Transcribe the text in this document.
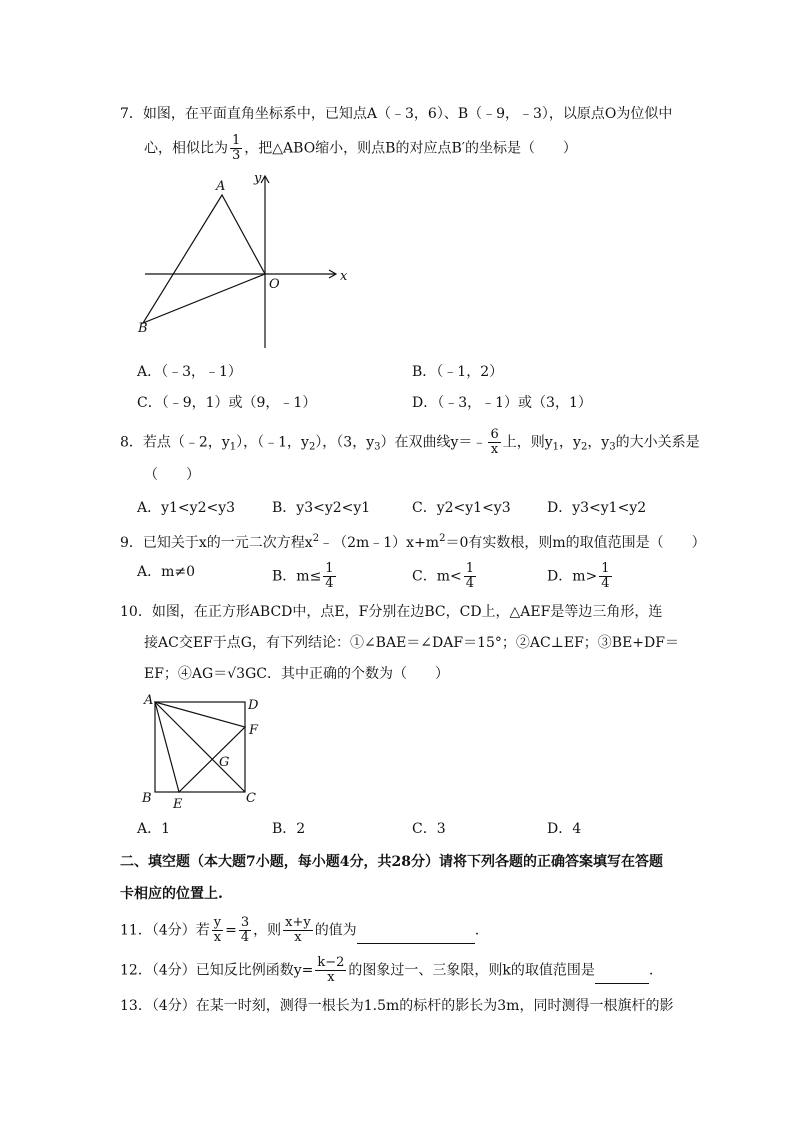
7．如图，在平面直角坐标系中，已知点A（﹣3，6）、B（﹣9，﹣3），以原点O为位似中
心，相似比为 $\frac{1}{3}$ ，把△ABO缩小，则点B的对应点B′的坐标是（　　）
A
B
O
x
y
A．（﹣3，﹣1）	B．（﹣1，2）
C．（﹣9，1）或（9，﹣1）	D．（﹣3，﹣1）或（3，1）
8．若点（﹣2，$y_1$），（﹣1，$y_2$），（3，$y_3$）在双曲线y＝﹣ $\frac{6}{x}$ 上，则$y_1$，$y_2$，$y_3$的大小关系是
（　　）
A．y1<y2<y3	B．y3<y2<y1	C．y2<y1<y3	D．y3<y1<y2
9．已知关于x的一元二次方程$x^2﹣(2m﹣1)x+m^2=0$有实数根，则m的取值范围是（　　）
A．m≠0	B．$m\le \frac{1}{4}$	C．$m< \frac{1}{4}$	D．$m> \frac{1}{4}$
10．如图，在正方形ABCD中，点E，F分别在边BC，CD上，△AEF是等边三角形，连
接AC交EF于点G，有下列结论：①∠BAE＝∠DAF＝15°；②AC⊥EF；③BE+DF＝
EF；④AG＝√3GC．其中正确的个数为（　　）
A	D
F
G
B E	C
A．1	B．2	C．3	D．4
二、填空题（本大题7小题，每小题4分，共28分）请将下列各题的正确答案填写在答题
卡相应的位置上.
11．（4分）若 $\frac{y}{x} = \frac{3}{4}$ ，则 $\frac{x+y}{x}$ 的值为	.
12．（4分）已知反比例函数$y= \frac{k-2}{x}$ 的图象过一、三象限，则k的取值范围是	.
13．（4分）在某一时刻，测得一根长为1.5m的标杆的影长为3m，同时测得一根旗杆的影
